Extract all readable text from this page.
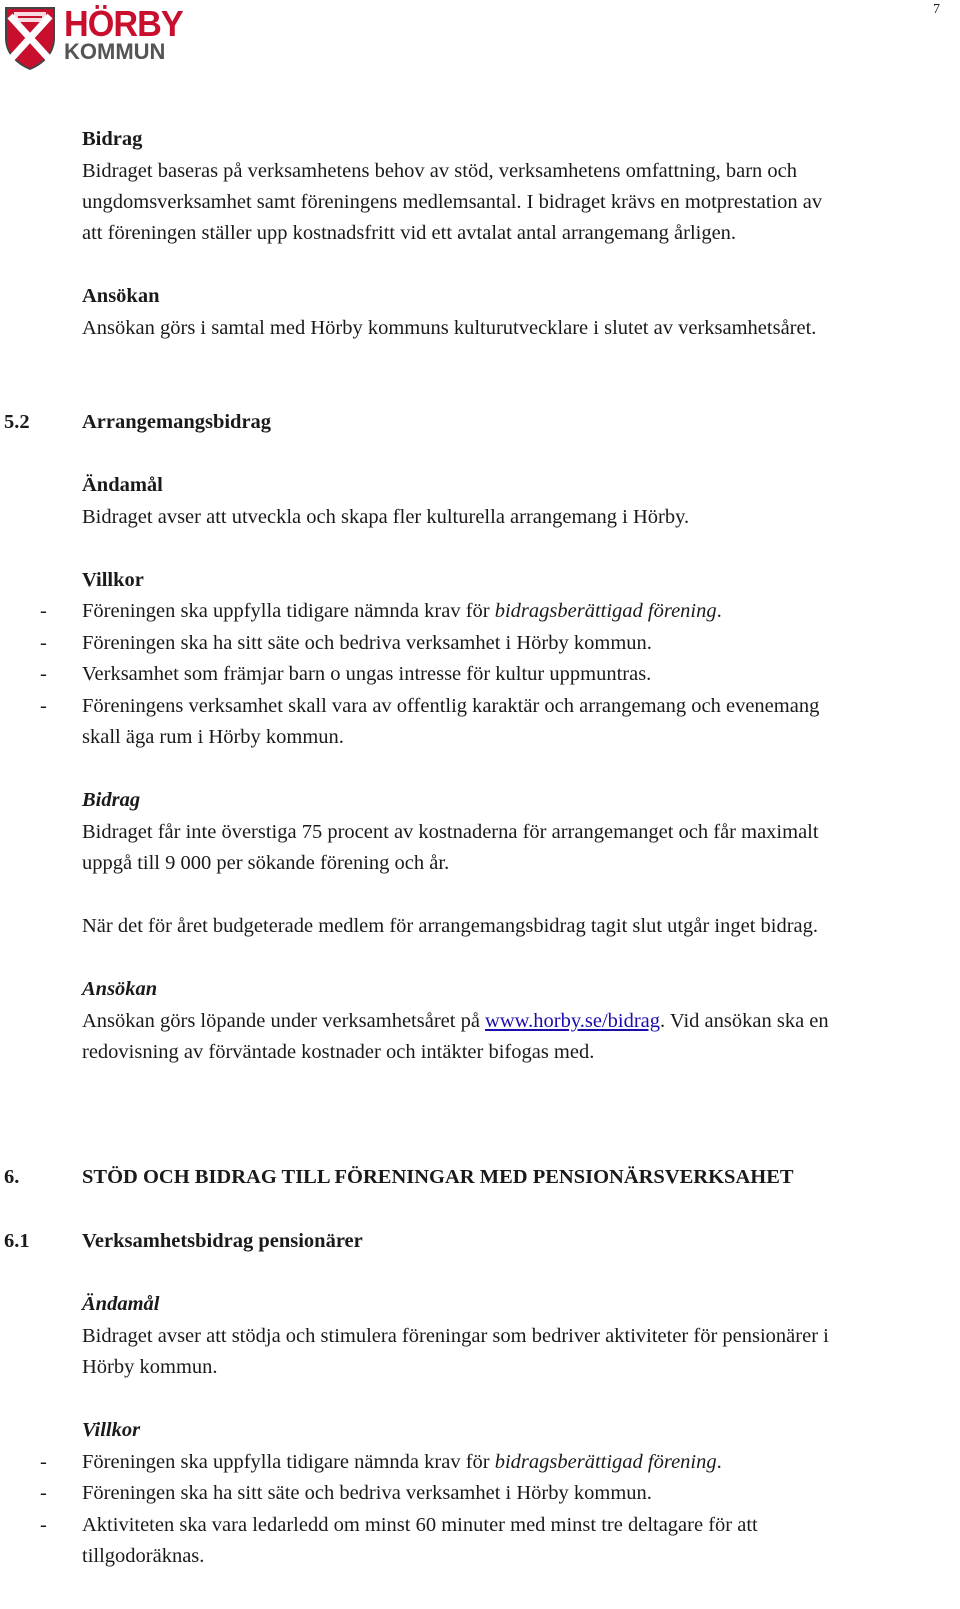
HÖRBY
KOMMUN
7
Bidrag
Bidraget baseras på verksamhetens behov av stöd, verksamhetens omfattning, barn och
ungdomsverksamhet samt föreningens medlemsantal. I bidraget krävs en motprestation av
att föreningen ställer upp kostnadsfritt vid ett avtalat antal arrangemang årligen.
Ansökan
Ansökan görs i samtal med Hörby kommuns kulturutvecklare i slutet av verksamhetsåret.
5.2	Arrangemangsbidrag
Ändamål
Bidraget avser att utveckla och skapa fler kulturella arrangemang i Hörby.
Villkor
- Föreningen ska uppfylla tidigare nämnda krav för bidragsberättigad förening.
- Föreningen ska ha sitt säte och bedriva verksamhet i Hörby kommun.
- Verksamhet som främjar barn o ungas intresse för kultur uppmuntras.
- Föreningens verksamhet skall vara av offentlig karaktär och arrangemang och evenemang
skall äga rum i Hörby kommun.
Bidrag
Bidraget får inte överstiga 75 procent av kostnaderna för arrangemanget och får maximalt
uppgå till 9 000 per sökande förening och år.
När det för året budgeterade medlem för arrangemangsbidrag tagit slut utgår inget bidrag.
Ansökan
Ansökan görs löpande under verksamhetsåret på www.horby.se/bidrag. Vid ansökan ska en
redovisning av förväntade kostnader och intäkter bifogas med.
6.	STÖD OCH BIDRAG TILL FÖRENINGAR MED PENSIONÄRSVERKSAHET
6.1	Verksamhetsbidrag pensionärer
Ändamål
Bidraget avser att stödja och stimulera föreningar som bedriver aktiviteter för pensionärer i
Hörby kommun.
Villkor
- Föreningen ska uppfylla tidigare nämnda krav för bidragsberättigad förening.
- Föreningen ska ha sitt säte och bedriva verksamhet i Hörby kommun.
- Aktiviteten ska vara ledarledd om minst 60 minuter med minst tre deltagare för att
tillgodoräknas.
